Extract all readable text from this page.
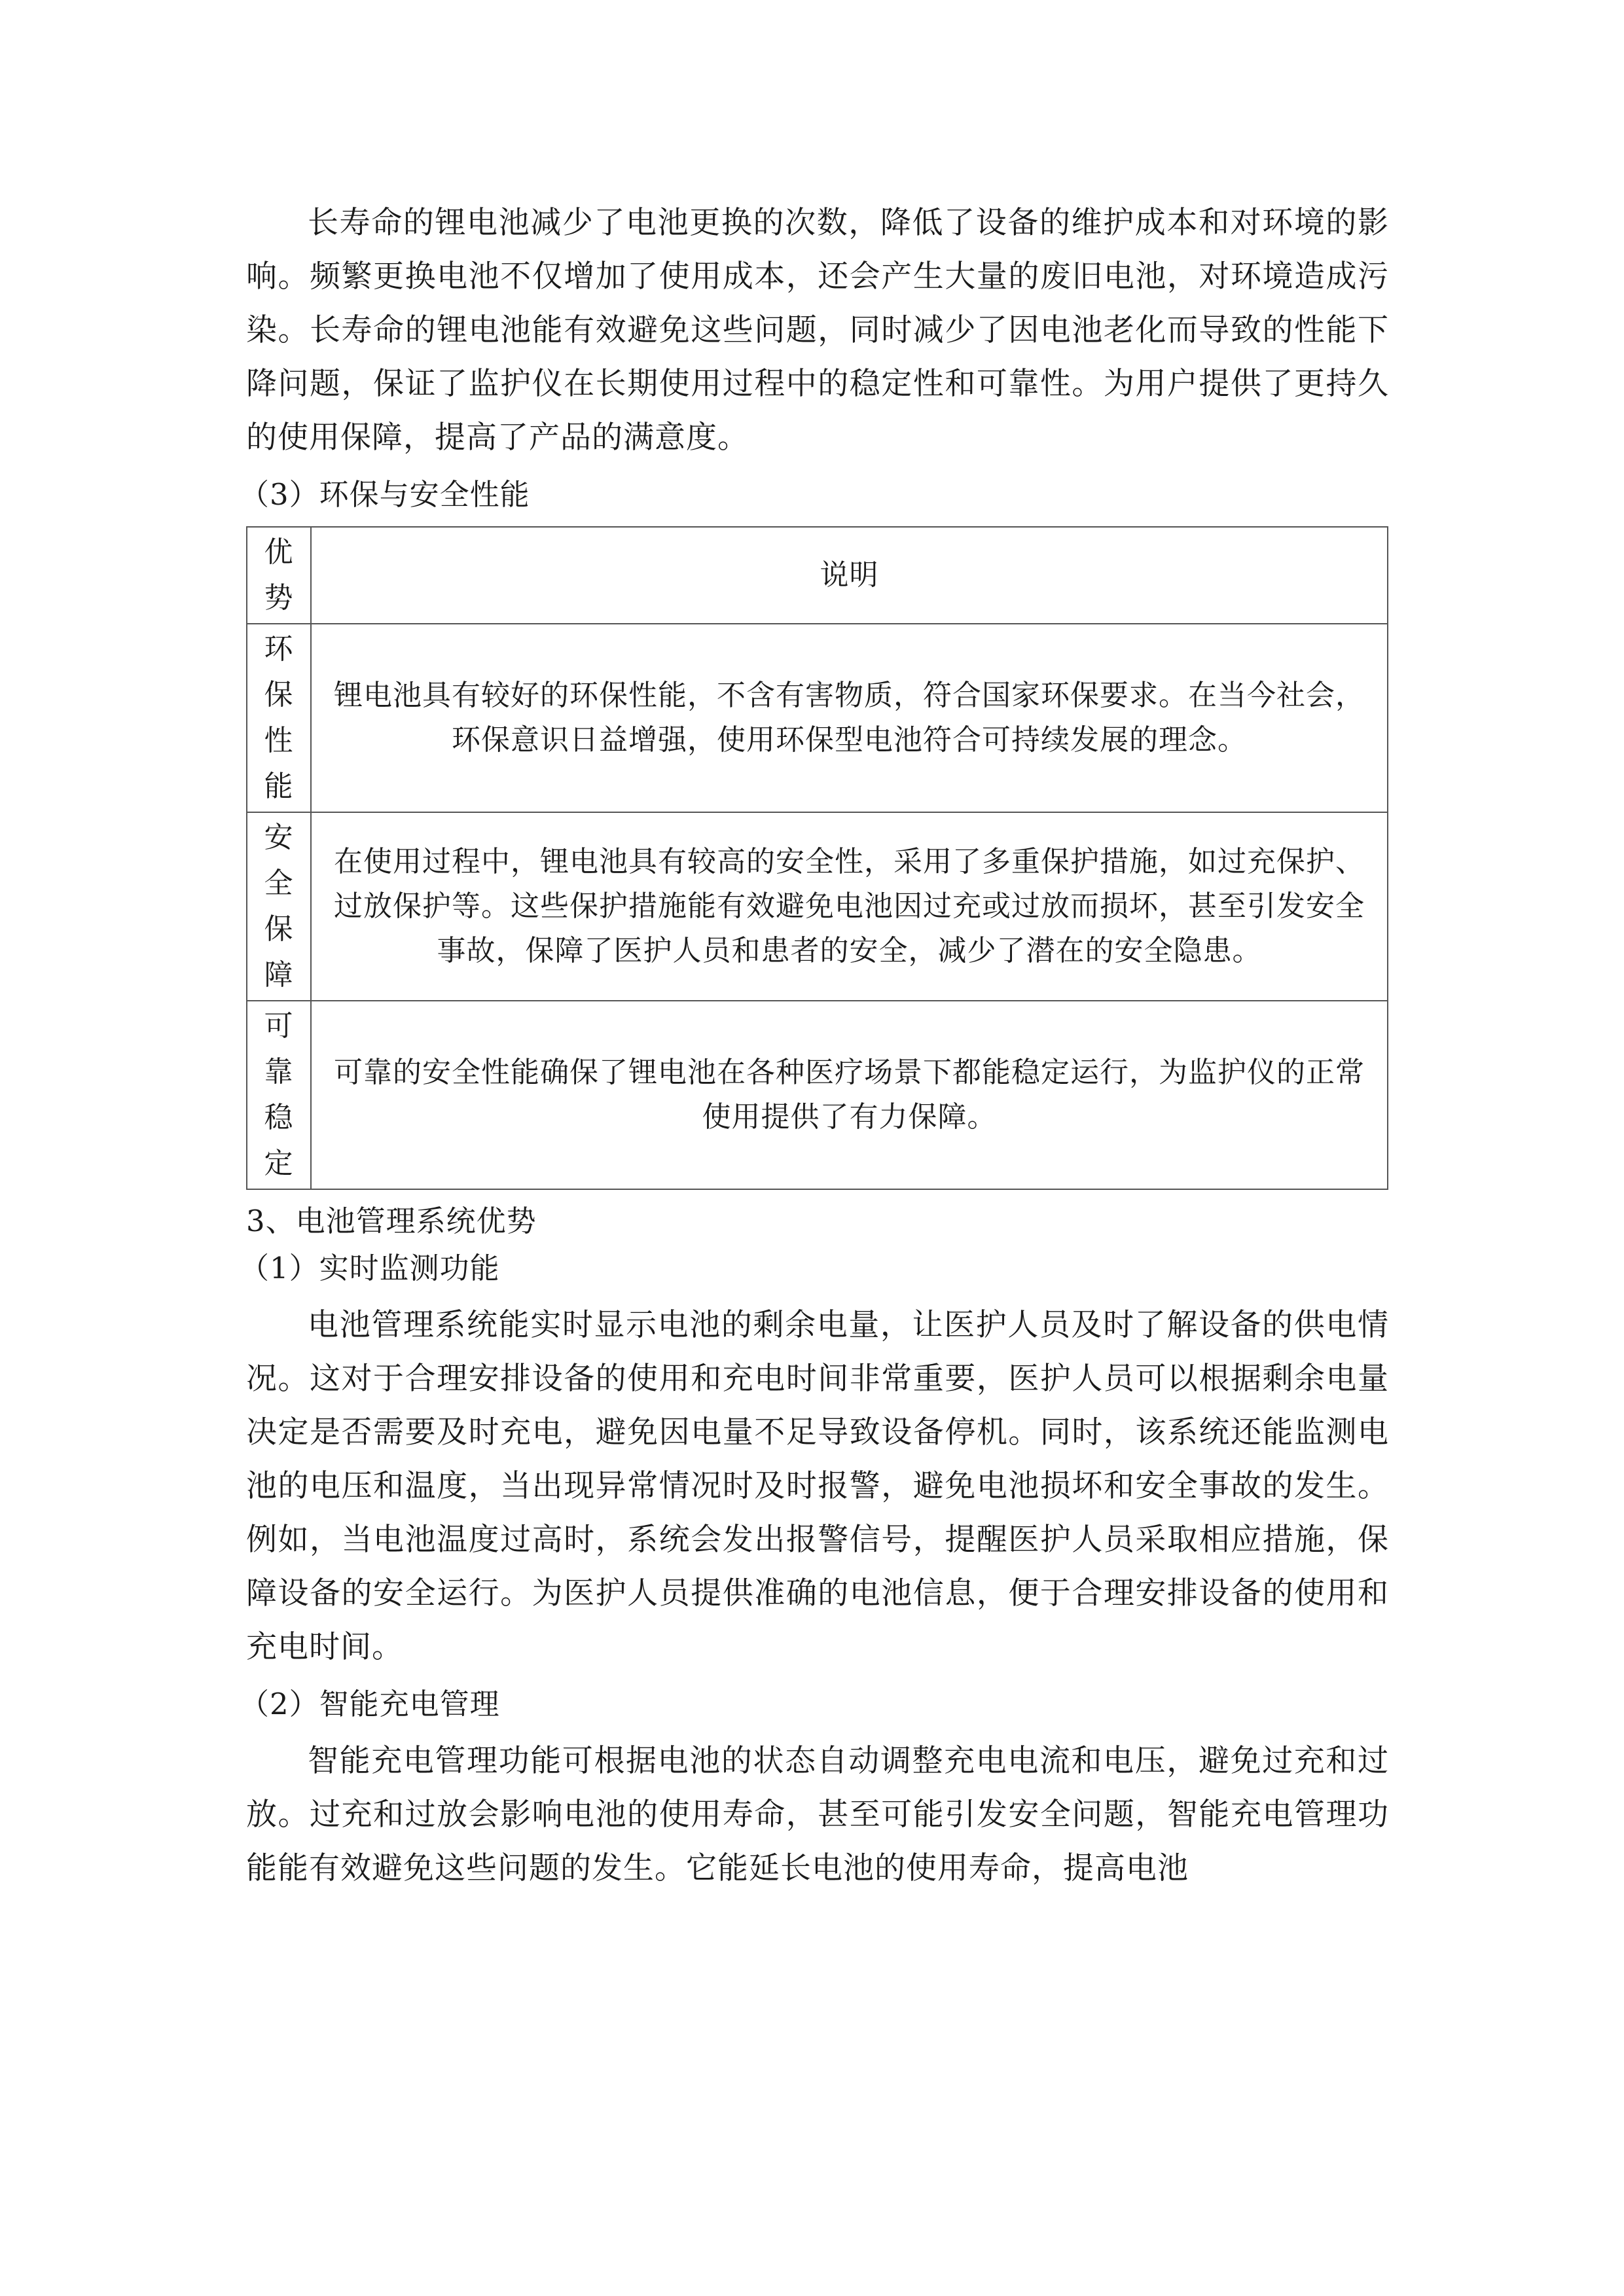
长寿命的锂电池减少了电池更换的次数，降低了设备的维护成本和对环境的影响。频繁更换电池不仅增加了使用成本，还会产生大量的废旧电池，对环境造成污染。长寿命的锂电池能有效避免这些问题，同时减少了因电池老化而导致的性能下降问题，保证了监护仪在长期使用过程中的稳定性和可靠性。为用户提供了更持久的使用保障，提高了产品的满意度。

（3）环保与安全性能

优
势	说明

环
保
性
能	锂电池具有较好的环保性能，不含有害物质，符合国家环保要求。在当今社会，环保意识日益增强，使用环保型电池符合可持续发展的理念。

安
全
保
障	在使用过程中，锂电池具有较高的安全性，采用了多重保护措施，如过充保护、过放保护等。这些保护措施能有效避免电池因过充或过放而损坏，甚至引发安全事故，保障了医护人员和患者的安全，减少了潜在的安全隐患。

可
靠
稳
定	可靠的安全性能确保了锂电池在各种医疗场景下都能稳定运行，为监护仪的正常使用提供了有力保障。

3、电池管理系统优势

（1）实时监测功能

电池管理系统能实时显示电池的剩余电量，让医护人员及时了解设备的供电情况。这对于合理安排设备的使用和充电时间非常重要，医护人员可以根据剩余电量决定是否需要及时充电，避免因电量不足导致设备停机。同时，该系统还能监测电池的电压和温度，当出现异常情况时及时报警，避免电池损坏和安全事故的发生。例如，当电池温度过高时，系统会发出报警信号，提醒医护人员采取相应措施，保障设备的安全运行。为医护人员提供准确的电池信息，便于合理安排设备的使用和充电时间。

（2）智能充电管理

智能充电管理功能可根据电池的状态自动调整充电电流和电压，避免过充和过放。过充和过放会影响电池的使用寿命，甚至可能引发安全问题，智能充电管理功能能有效避免这些问题的发生。它能延长电池的使用寿命，提高电池
